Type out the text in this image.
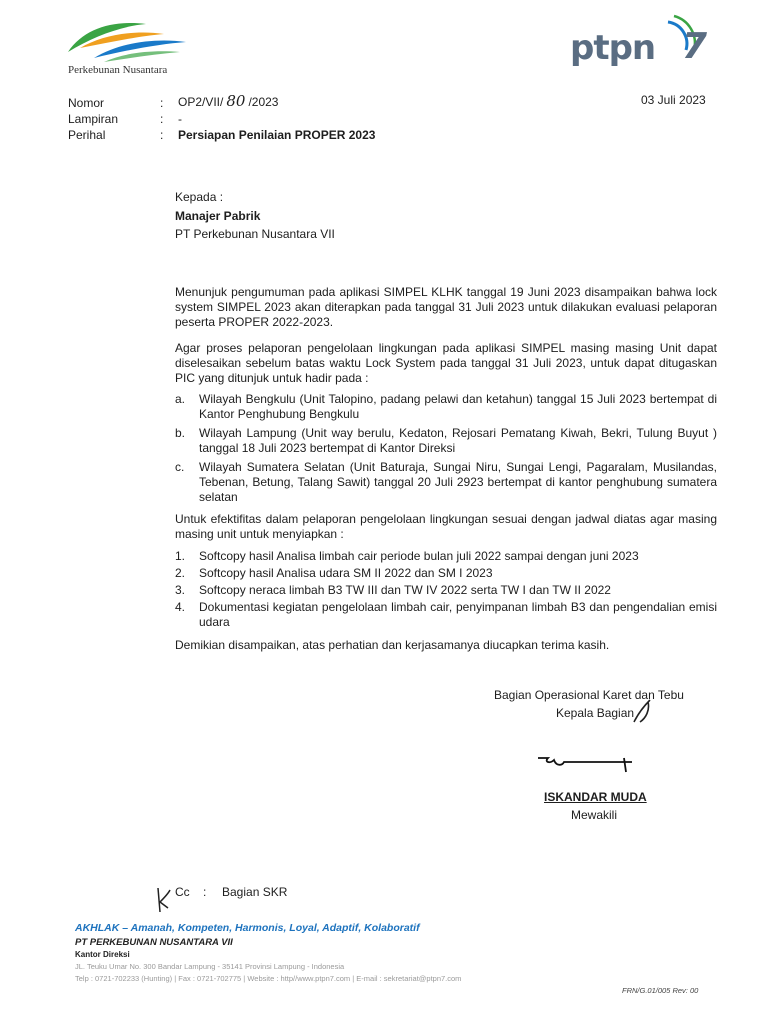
Perkebunan Nusantara
ptpn 7
03 Juli 2023
Nomor	: OP2/VII/ 80 /2023
Lampiran	: -
Perihal	: Persiapan Penilaian PROPER 2023
Kepada :
Manajer Pabrik
PT Perkebunan Nusantara VII
Menunjuk pengumuman pada aplikasi SIMPEL KLHK tanggal 19 Juni 2023 disampaikan bahwa lock system SIMPEL 2023 akan diterapkan pada tanggal 31 Juli 2023 untuk dilakukan evaluasi pelaporan peserta PROPER 2022-2023.
Agar proses pelaporan pengelolaan lingkungan pada aplikasi SIMPEL masing masing Unit dapat diselesaikan sebelum batas waktu Lock System pada tanggal 31 Juli 2023, untuk dapat ditugaskan PIC yang ditunjuk untuk hadir pada :
a. Wilayah Bengkulu (Unit Talopino, padang pelawi dan ketahun) tanggal 15 Juli 2023 bertempat di Kantor Penghubung Bengkulu
b. Wilayah Lampung (Unit way berulu, Kedaton, Rejosari Pematang Kiwah, Bekri, Tulung Buyut ) tanggal 18 Juli 2023 bertempat di Kantor Direksi
c. Wilayah Sumatera Selatan (Unit Baturaja, Sungai Niru, Sungai Lengi, Pagaralam, Musilandas, Tebenan, Betung, Talang Sawit) tanggal 20 Juli 2923 bertempat di kantor penghubung sumatera selatan
Untuk efektifitas dalam pelaporan pengelolaan lingkungan sesuai dengan jadwal diatas agar masing masing unit untuk menyiapkan :
1. Softcopy hasil Analisa limbah cair periode bulan juli 2022 sampai dengan juni 2023
2. Softcopy hasil Analisa udara SM II 2022 dan SM I 2023
3. Softcopy neraca limbah B3 TW III dan TW IV 2022 serta TW I dan TW II 2022
4. Dokumentasi kegiatan pengelolaan limbah cair, penyimpanan limbah B3 dan pengendalian emisi udara
Demikian disampaikan, atas perhatian dan kerjasamanya diucapkan terima kasih.
Bagian Operasional Karet dan Tebu
Kepala Bagian
ISKANDAR MUDA
Mewakili
Cc : Bagian SKR
AKHLAK – Amanah, Kompeten, Harmonis, Loyal, Adaptif, Kolaboratif
PT PERKEBUNAN NUSANTARA VII
Kantor Direksi
JL. Teuku Umar No. 300 Bandar Lampung - 35141 Provinsi Lampung - Indonesia
Telp : 0721-702233 (Hunting) | Fax : 0721-702775 | Website : http//www.ptpn7.com | E-mail : sekretariat@ptpn7.com
FRN/G.01/005 Rev: 00
